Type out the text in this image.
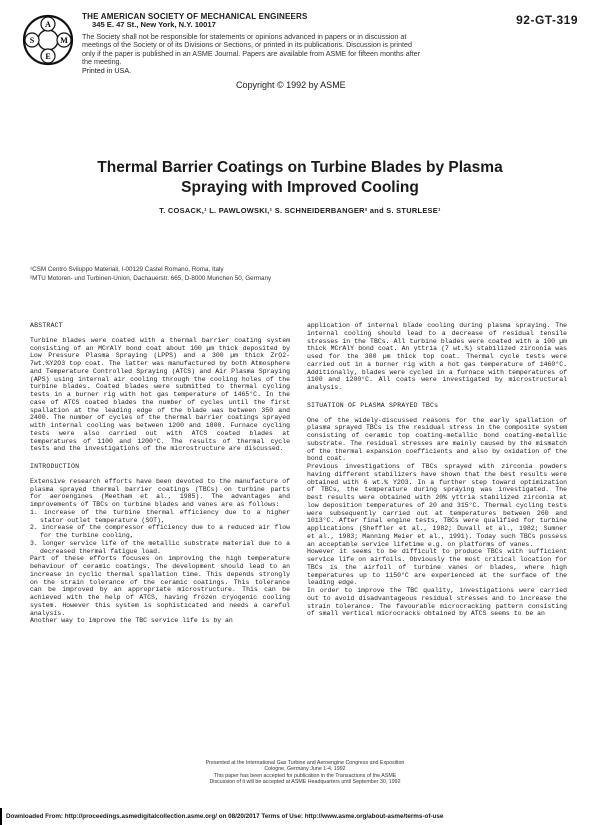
A
S	M
E
THE AMERICAN SOCIETY OF MECHANICAL ENGINEERS
345 E. 47 St., New York, N.Y. 10017
The Society shall not be responsible for statements or opinions advanced in papers or in discussion at meetings of the Society or of its Divisions or Sections, or printed in its publications. Discussion is printed only if the paper is published in an ASME Journal. Papers are available from ASME for fifteen months after the meeting.
Printed in USA.
92-GT-319
Copyright © 1992 by ASME
Thermal Barrier Coatings on Turbine Blades by Plasma
Spraying with Improved Cooling
T. COSACK,¹ L. PAWLOWSKI,¹ S. SCHNEIDERBANGER² and S. STURLESE¹
¹CSM Centro Sviluppo Materiali, I-00129 Castel Romano, Roma, Italy
²MTU Motoren- und Turbinen-Union, Dachauerstr. 665, D-8000 Munchen 50, Germany
ABSTRACT

Turbine blades were coated with a thermal barrier coating system consisting of an MCrAlY bond coat about 100 µm thick deposited by Low Pressure Plasma Spraying (LPPS) and a 300 µm thick ZrO2-7wt.%Y2O3 top coat. The latter was manufactured by both Atmosphere and Temperature Controlled Spraying (ATCS) and Air Plasma Spraying (APS) using internal air cooling through the cooling holes of the turbine blades. Coated blades were submitted to thermal cycling tests in a burner rig with hot gas temperature of 1465°C. In the case of ATCS coated blades the number of cycles until the first spallation at the leading edge of the blade was between 350 and 2400. The number of cycles of the thermal barrier coatings sprayed with internal cooling was between 1200 and 1800. Furnace cycling tests were also carried out with ATCS coated blades at temperatures of 1100 and 1200°C. The results of thermal cycle tests and the investigations of the microstructure are discussed.

INTRODUCTION

Extensive research efforts have been devoted to the manufacture of plasma sprayed thermal barrier coatings (TBCs) on turbine parts for aeroengines (Meetham et al., 1985). The advantages and improvements of TBCs on turbine blades and vanes are as follows:

1. increase of the turbine thermal efficiency due to a higher stator outlet temperature (SOT),

2. increase of the compressor efficiency due to a reduced air flow for the turbine cooling,

3. longer service life of the metallic substrate material due to a decreased thermal fatigue load.

Part of these efforts focuses on improving the high temperature behaviour of ceramic coatings. The development should lead to an increase in cyclic thermal spallation time. This depends strongly on the strain tolerance of the ceramic coatings. This tolerance can be improved by an appropriate microstructure. This can be achieved with the help of ATCS, having frozen cryogenic cooling system. However this system is sophisticated and needs a careful analysis.

Another way to improve the TBC service life is by an

application of internal blade cooling during plasma spraying. The internal cooling should lead to a decrease of residual tensile stresses in the TBCs. All turbine blades were coated with a 100 µm thick MCrAlY bond coat. An yttria (7 wt.%) stabilized zirconia was used for the 300 µm thick top coat. Thermal cycle tests were carried out in a burner rig with a hot gas temperature of 1460°C. Additionally, blades were cycled in a furnace with temperatures of 1100 and 1200°C. All coats were investigated by microstructural analysis.

SITUATION OF PLASMA SPRAYED TBCs

One of the widely-discussed reasons for the early spallation of plasma sprayed TBCs is the residual stress in the composite system consisting of ceramic top coating-metallic bond coating-metallic substrate. The residual stresses are mainly caused by the mismatch of the thermal expansion coefficients and also by oxidation of the bond coat.

Previous investigations of TBCs sprayed with zirconia powders having different stabilizers have shown that the best results were obtained with 6 wt.% Y2O3. In a further step toward optimization of TBCs, the temperature during spraying was investigated. The best results were obtained with 20% yttria stabilized zirconia at low deposition temperatures of 20 and 315°C. Thermal cycling tests were subsequently carried out at temperatures between 260 and 1013°C. After final engine tests, TBCs were qualified for turbine applications (Sheffler et al., 1982; Duvall et al., 1982; Sumner et al., 1983; Manning Meier et al., 1991). Today such TBCs possess an acceptable service lifetime e.g. on platforms of vanes.

However it seems to be difficult to produce TBCs with sufficient service life on airfoils. Obviously the most critical location for TBCs is the airfoil of turbine vanes or blades, where high temperatures up to 1150°C are experienced at the surface of the leading edge.

In order to improve the TBC quality, investigations were carried out to avoid disadvantageous residual stresses and to increase the strain tolerance. The favourable microcracking pattern consisting of small vertical microcracks obtained by ATCS seems to be an

Presented at the International Gas Turbine and Aeroengine Congress and Exposition
Cologne, Germany June 1-4, 1992
This paper has been accepted for publication in the Transactions of the ASME
Discussion of it will be accepted at ASME Headquarters until September 30, 1992
Downloaded From: http://proceedings.asmedigitalcollection.asme.org/ on 08/20/2017 Terms of Use: http://www.asme.org/about-asme/terms-of-use
